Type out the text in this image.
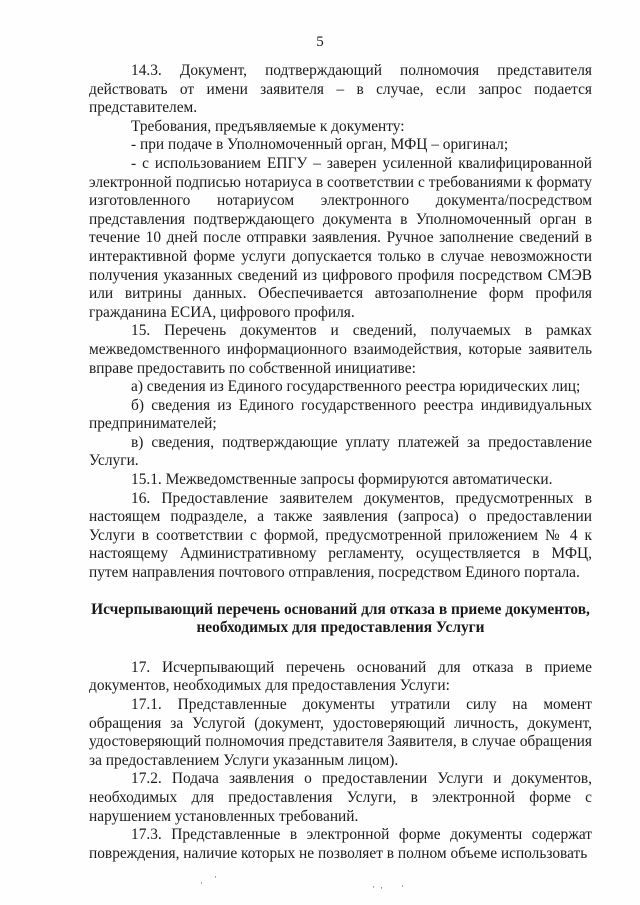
5

14.3. Документ, подтверждающий полномочия представителя действовать от имени заявителя – в случае, если запрос подается представителем.

Требования, предъявляемые к документу:

- при подаче в Уполномоченный орган, МФЦ – оригинал;

- с использованием ЕПГУ – заверен усиленной квалифицированной электронной подписью нотариуса в соответствии с требованиями к формату изготовленного нотариусом электронного документа/посредством представления подтверждающего документа в Уполномоченный орган в течение 10 дней после отправки заявления. Ручное заполнение сведений в интерактивной форме услуги допускается только в случае невозможности получения указанных сведений из цифрового профиля посредством СМЭВ или витрины данных. Обеспечивается автозаполнение форм профиля гражданина ЕСИА, цифрового профиля.

15. Перечень документов и сведений, получаемых в рамках межведомственного информационного взаимодействия, которые заявитель вправе предоставить по собственной инициативе:

а) сведения из Единого государственного реестра юридических лиц;

б) сведения из Единого государственного реестра индивидуальных предпринимателей;

в) сведения, подтверждающие уплату платежей за предоставление Услуги.

15.1. Межведомственные запросы формируются автоматически.

16. Предоставление заявителем документов, предусмотренных в настоящем подразделе, а также заявления (запроса) о предоставлении Услуги в соответствии с формой, предусмотренной приложением № 4 к настоящему Административному регламенту, осуществляется в МФЦ, путем направления почтового отправления, посредством Единого портала.

Исчерпывающий перечень оснований для отказа в приеме документов, необходимых для предоставления Услуги

17. Исчерпывающий перечень оснований для отказа в приеме документов, необходимых для предоставления Услуги:

17.1. Представленные документы утратили силу на момент обращения за Услугой (документ, удостоверяющий личность, документ, удостоверяющий полномочия представителя Заявителя, в случае обращения за предоставлением Услуги указанным лицом).

17.2. Подача заявления о предоставлении Услуги и документов, необходимых для предоставления Услуги, в электронной форме с нарушением установленных требований.

17.3. Представленные в электронной форме документы содержат повреждения, наличие которых не позволяет в полном объеме использовать

·
·
· · ·
